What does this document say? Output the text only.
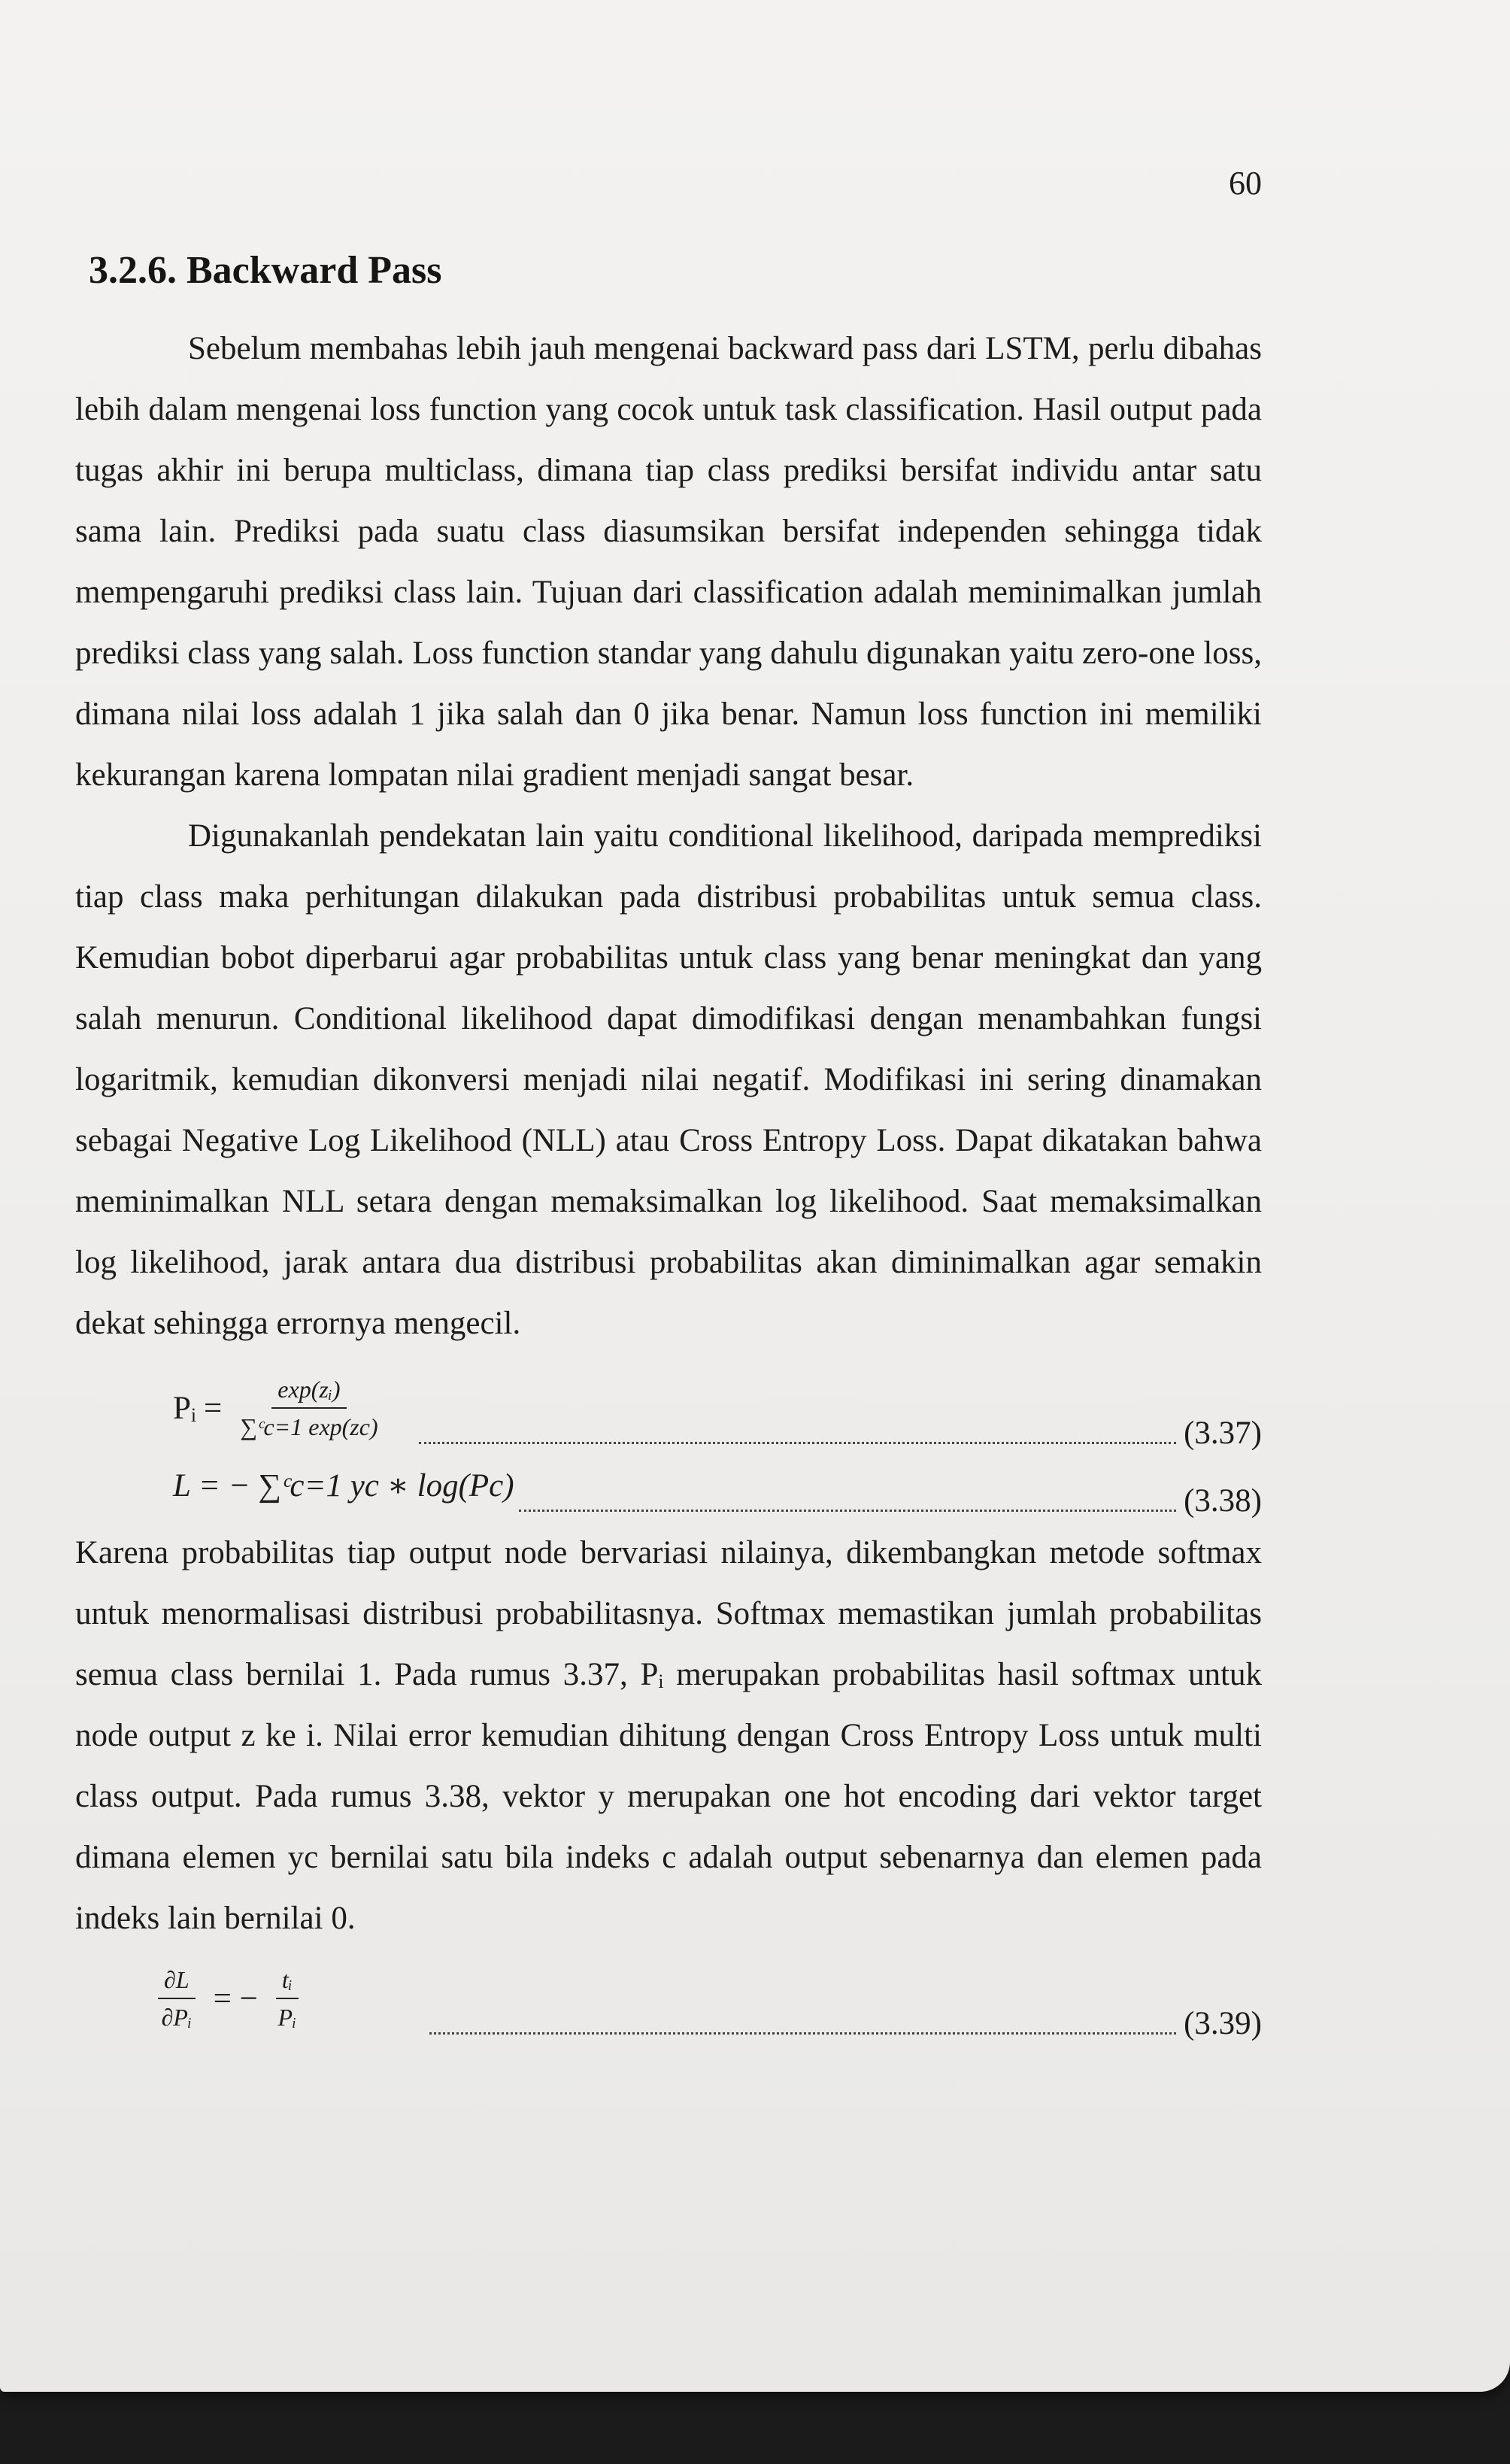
60
3.2.6. Backward Pass

Sebelum membahas lebih jauh mengenai backward pass dari LSTM, perlu dibahas lebih dalam mengenai loss function yang cocok untuk task classification. Hasil output pada tugas akhir ini berupa multiclass, dimana tiap class prediksi bersifat individu antar satu sama lain. Prediksi pada suatu class diasumsikan bersifat independen sehingga tidak mempengaruhi prediksi class lain. Tujuan dari classification adalah meminimalkan jumlah prediksi class yang salah. Loss function standar yang dahulu digunakan yaitu zero-one loss, dimana nilai loss adalah 1 jika salah dan 0 jika benar. Namun loss function ini memiliki kekurangan karena lompatan nilai gradient menjadi sangat besar.

Digunakanlah pendekatan lain yaitu conditional likelihood, daripada memprediksi tiap class maka perhitungan dilakukan pada distribusi probabilitas untuk semua class. Kemudian bobot diperbarui agar probabilitas untuk class yang benar meningkat dan yang salah menurun. Conditional likelihood dapat dimodifikasi dengan menambahkan fungsi logaritmik, kemudian dikonversi menjadi nilai negatif. Modifikasi ini sering dinamakan sebagai Negative Log Likelihood (NLL) atau Cross Entropy Loss. Dapat dikatakan bahwa meminimalkan NLL setara dengan memaksimalkan log likelihood. Saat memaksimalkan log likelihood, jarak antara dua distribusi probabilitas akan diminimalkan agar semakin dekat sehingga errornya mengecil.

Pᵢ = $\frac{\text{exp(zᵢ)}}{\text{∑ᶜc=1 exp(zc)}}$	(3.37)
L = − ∑ᶜc=1 yc ∗ log(Pc)	(3.38)

Karena probabilitas tiap output node bervariasi nilainya, dikembangkan metode softmax untuk menormalisasi distribusi probabilitasnya. Softmax memastikan jumlah probabilitas semua class bernilai 1. Pada rumus 3.37, Pᵢ merupakan probabilitas hasil softmax untuk node output z ke i. Nilai error kemudian dihitung dengan Cross Entropy Loss untuk multi class output. Pada rumus 3.38, vektor y merupakan one hot encoding dari vektor target dimana elemen yc bernilai satu bila indeks c adalah output sebenarnya dan elemen pada indeks lain bernilai 0.

$\frac{\partial L}{\text{∂Pᵢ}}$ = − $\frac{\text{tᵢ}}{\text{Pᵢ}}$	(3.39)
